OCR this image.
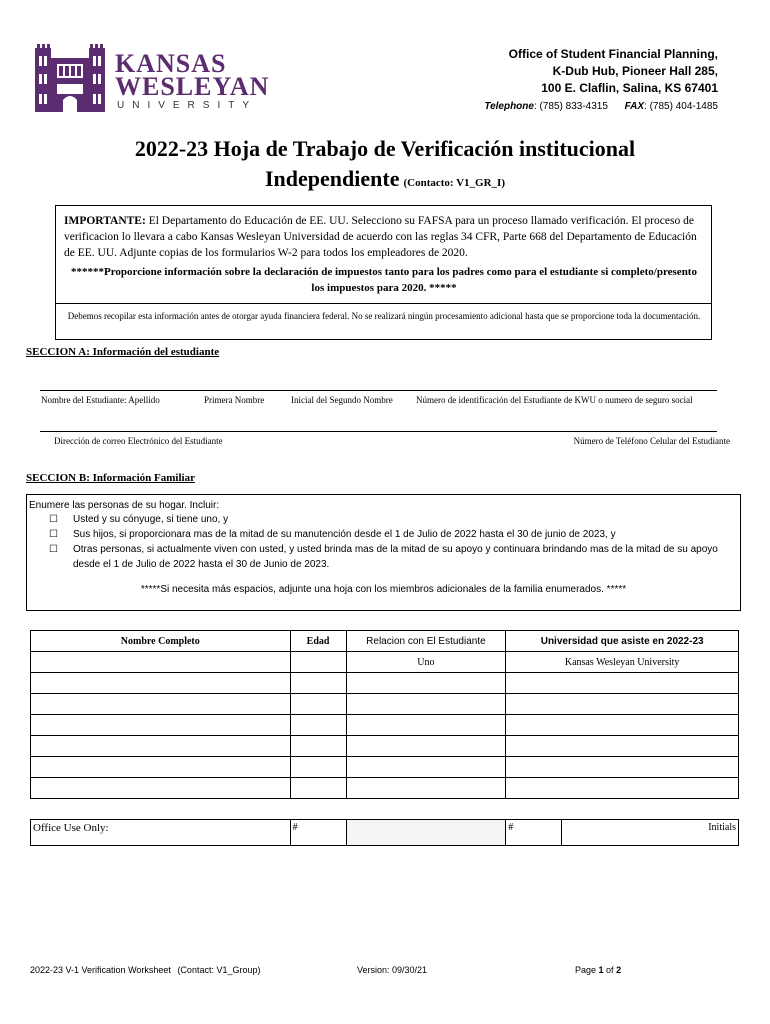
KANSAS
WESLEYAN
UNIVERSITY
Office of Student Financial Planning,
K-Dub Hub, Pioneer Hall 285,
100 E. Claflin, Salina, KS 67401
Telephone: (785) 833-4315 FAX: (785) 404-1485
2022-23 Hoja de Trabajo de Verificación institucional
Independiente (Contacto: V1_GR_I)
IMPORTANTE: El Departamento do Educación de EE. UU. Selecciono su FAFSA para un proceso llamado verificación. El proceso de verificacion lo llevara a cabo Kansas Wesleyan Universidad de acuerdo con las reglas 34 CFR, Parte 668 del Departamento de Educación de EE. UU. Adjunte copias de los formularios W-2 para todos los empleadores de 2020.
******Proporcione información sobre la declaración de impuestos tanto para los padres como para el estudiante si completo/presento los impuestos para 2020. *****
Debemos recopilar esta información antes de otorgar ayuda financiera federal. No se realizará ningún procesamiento adicional hasta que se proporcione toda la documentación.
SECCION A: Información del estudiante
Nombre del Estudiante: Apellido	Primera Nombre	Inicial del Segundo Nombre	Número de identificación del Estudiante de KWU o numero de seguro social
Dirección de correo Electrónico del Estudiante	Número de Teléfono Celular del Estudiante
SECCION B: Información Familiar
Enumere las personas de su hogar. Incluir:
☐ Usted y su cónyuge, si tiene uno, y
☐ Sus hijos, si proporcionara mas de la mitad de su manutención desde el 1 de Julio de 2022 hasta el 30 de junio de 2023, y
☐ Otras personas, si actualmente viven con usted, y usted brinda mas de la mitad de su apoyo y continuara brindando mas de la mitad de su apoyo desde el 1 de Julio de 2022 hasta el 30 de Junio de 2023.
*****Si necesita más espacios, adjunte una hoja con los miembros adicionales de la familia enumerados. *****
Nombre Completo	Edad	Relacion con El Estudiante	Universidad que asiste en 2022-23
		Uno	Kansas Wesleyan University

Office Use Only:	#		#	Initials
2022-23 V-1 Verification Worksheet (Contact: V1_Group)	Version: 09/30/21	Page 1 of 2
